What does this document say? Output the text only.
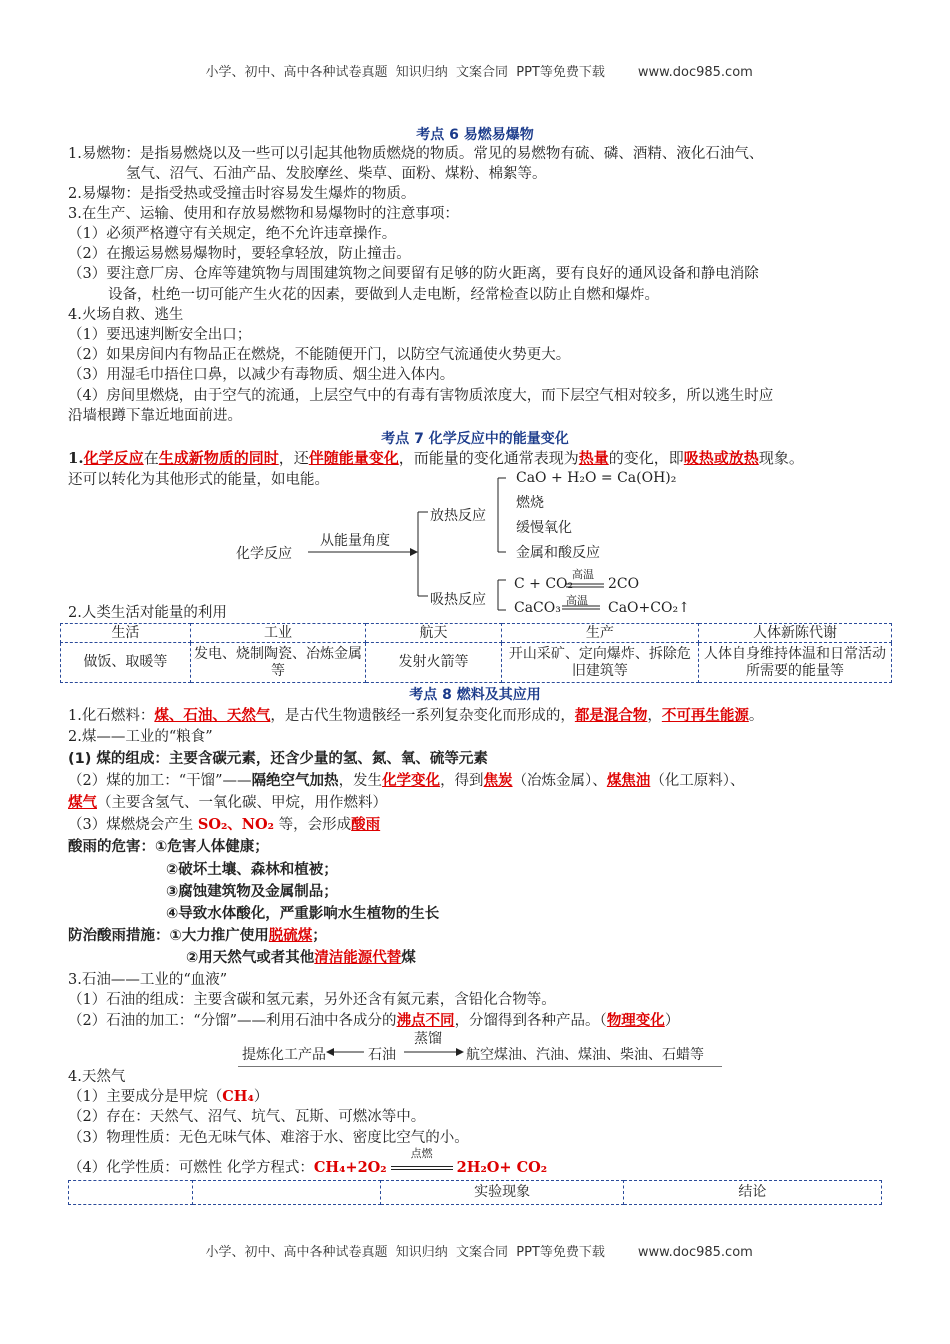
小学、初中、高中各种试卷真题  知识归纳  文案合同  PPT等免费下载	www.doc985.com

考点 6 易燃易爆物
1.易燃物：是指易燃烧以及一些可以引起其他物质燃烧的物质。常见的易燃物有硫、磷、酒精、液化石油气、
氢气、沼气、石油产品、发胶摩丝、柴草、面粉、煤粉、棉絮等。
2.易爆物：是指受热或受撞击时容易发生爆炸的物质。
3.在生产、运输、使用和存放易燃物和易爆物时的注意事项：
（1）必须严格遵守有关规定，绝不允许违章操作。
（2）在搬运易燃易爆物时，要轻拿轻放，防止撞击。
（3）要注意厂房、仓库等建筑物与周围建筑物之间要留有足够的防火距离，要有良好的通风设备和静电消除
设备，杜绝一切可能产生火花的因素，要做到人走电断，经常检查以防止自燃和爆炸。
4.火场自救、逃生
（1）要迅速判断安全出口；
（2）如果房间内有物品正在燃烧，不能随便开门，以防空气流通使火势更大。
（3）用湿毛巾捂住口鼻，以减少有毒物质、烟尘进入体内。
（4）房间里燃烧，由于空气的流通，上层空气中的有毒有害物质浓度大，而下层空气相对较多，所以逃生时应
沿墙根蹲下靠近地面前进。
考点 7 化学反应中的能量变化
1.化学反应在生成新物质的同时，还伴随能量变化，而能量的变化通常表现为热量的变化，即吸热或放热现象。
还可以转化为其他形式的能量，如电能。
化学反应
从能量角度
放热反应
吸热反应
CaO + H₂O = Ca(OH)₂
燃烧
缓慢氧化
金属和酸反应
C + CO₂
高温
2CO
CaCO₃ 高温 CaO+CO₂↑
2.人类生活对能量的利用
生活	工业	航天	生产	人体新陈代谢
做饭、取暖等	发电、烧制陶瓷、冶炼金属等	发射火箭等	开山采矿、定向爆炸、拆除危旧建筑等	人体自身维持体温和日常活动所需要的能量等
考点 8 燃料及其应用
1.化石燃料：煤、石油、天然气，是古代生物遗骸经一系列复杂变化而形成的，都是混合物，不可再生能源。
2.煤——工业的“粮食”
(1) 煤的组成：主要含碳元素，还含少量的氢、氮、氧、硫等元素
（2）煤的加工：“干馏”——隔绝空气加热，发生化学变化，得到焦炭（冶炼金属）、煤焦油（化工原料）、
煤气（主要含氢气、一氧化碳、甲烷，用作燃料）
（3）煤燃烧会产生 SO₂、NO₂ 等，会形成酸雨
酸雨的危害：①危害人体健康；
②破坏土壤、森林和植被；
③腐蚀建筑物及金属制品；
④导致水体酸化，严重影响水生植物的生长
防治酸雨措施：①大力推广使用脱硫煤；
②用天然气或者其他清洁能源代替煤
3.石油——工业的“血液”
（1）石油的组成：主要含碳和氢元素，另外还含有氮元素，含铅化合物等。
（2）石油的加工：“分馏”——利用石油中各成分的沸点不同，分馏得到各种产品。（物理变化）
提炼化工产品	石油
蒸馏
航空煤油、汽油、煤油、柴油、石蜡等
4.天然气
（1）主要成分是甲烷（CH₄）
（2）存在：天然气、沼气、坑气、瓦斯、可燃冰等中。
（3）物理性质：无色无味气体、难溶于水、密度比空气的小。
（4）化学性质：可燃性 化学方程式：CH₄+2O₂
点燃
2H₂O+ CO₂
		实验现象	结论

小学、初中、高中各种试卷真题  知识归纳  文案合同  PPT等免费下载	www.doc985.com
